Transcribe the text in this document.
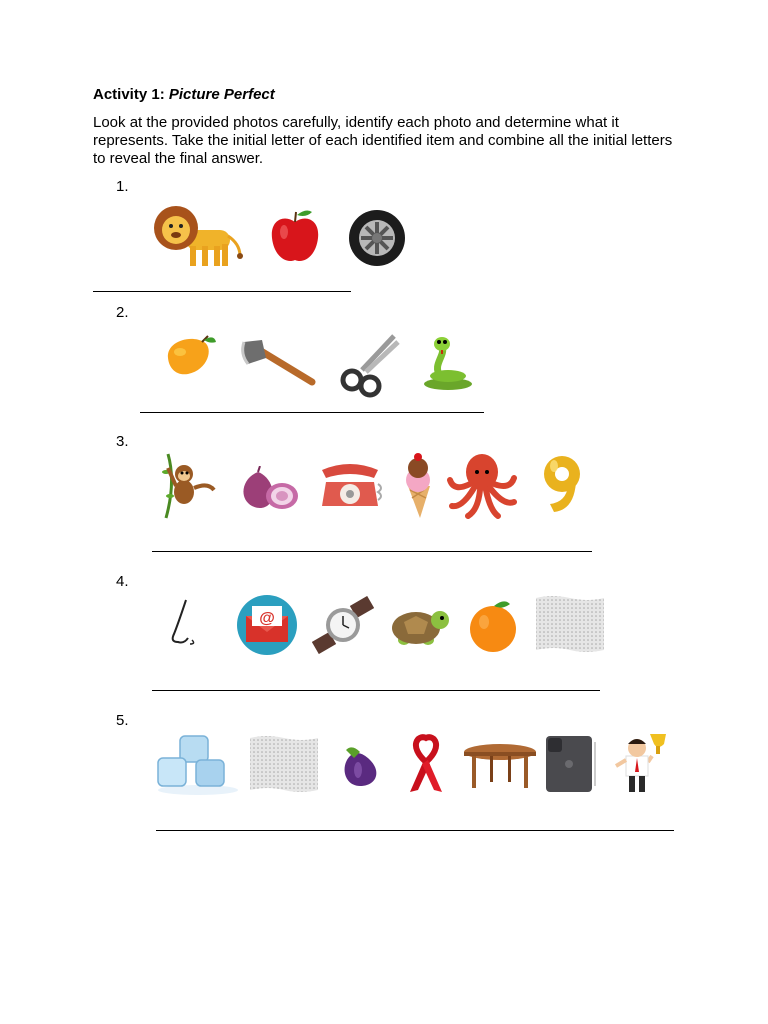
Activity 1: Picture Perfect
Look at the provided photos carefully, identify each photo and determine what it represents. Take the initial letter of each identified item and combine all the initial letters to reveal the final answer.
1.
2.
3.
4.
@
5.
